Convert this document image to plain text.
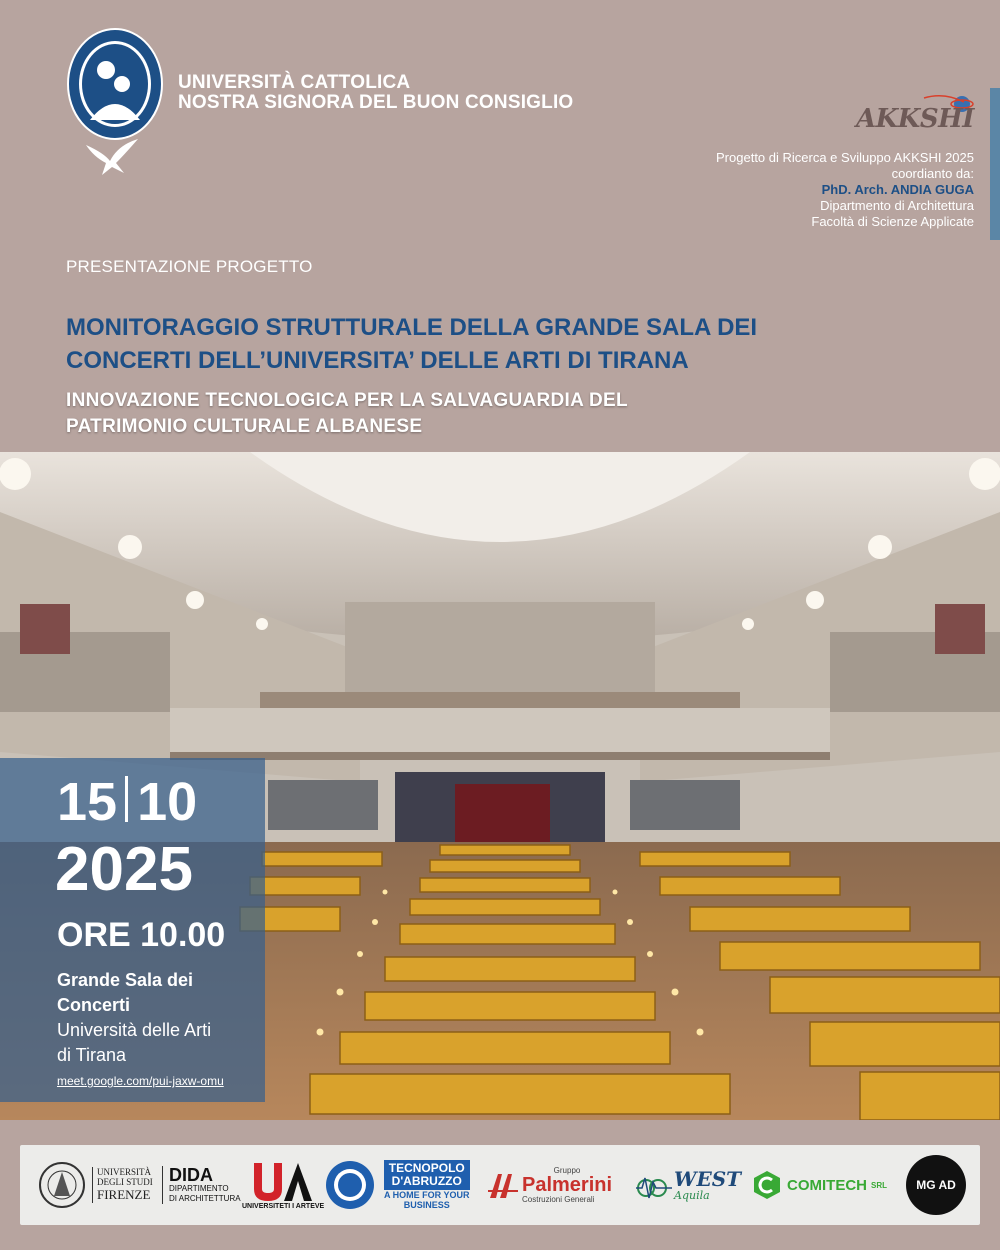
UNIVERSITÀ CATTOLICA
NOSTRA SIGNORA DEL BUON CONSIGLIO
AKKSHI
Progetto di Ricerca e Sviluppo AKKSHI 2025
coordianto da:
PhD. Arch. ANDIA GUGA
Dipartmento di Architettura
Facoltà di Scienze Applicate
PRESENTAZIONE PROGETTO
MONITORAGGIO STRUTTURALE DELLA GRANDE SALA DEI
CONCERTI DELL’UNIVERSITA’ DELLE ARTI DI TIRANA
INNOVAZIONE TECNOLOGICA PER LA SALVAGUARDIA DEL
PATRIMONIO CULTURALE ALBANESE
15 10
2025
ORE 10.00
Grande Sala dei
Concerti
Università delle Arti
di Tirana
meet.google.com/pui-jaxw-omu
UNIVERSITÀ
DEGLI STUDI
FIRENZE
DIDA
DIPARTIMENTO
DI ARCHITETTURA
UNIVERSITETI I ARTEVE
TECNOPOLO
D'ABRUZZO
A HOME FOR YOUR
BUSINESS
Gruppo
Palmerini
Costruzioni Generali
WEST
Aquila
COMITECH SRL MG AD
